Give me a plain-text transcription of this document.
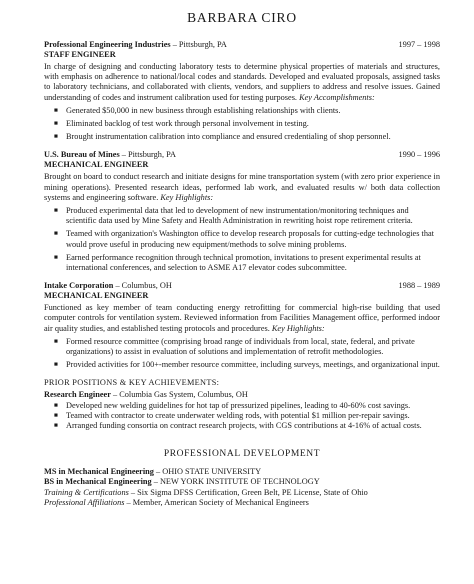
BARBARA CIRO
Professional Engineering Industries – Pittsburgh, PA	1997 – 1998
STAFF ENGINEER

In charge of designing and conducting laboratory tests to determine physical properties of materials and structures, with emphasis on adherence to national/local codes and standards. Developed and evaluated proposals, assigned tasks to laboratory technicians, and collaborated with clients, vendors, and suppliers to address and resolve issues. Gained understanding of codes and instrument calibration used for testing purposes. Key Accomplishments:

■ Generated $50,000 in new business through establishing relationships with clients.
■ Eliminated backlog of test work through personal involvement in testing.
■ Brought instrumentation calibration into compliance and ensured credentialing of shop personnel.
U.S. Bureau of Mines – Pittsburgh, PA	1990 – 1996
MECHANICAL ENGINEER

Brought on board to conduct research and initiate designs for mine transportation system (with zero prior experience in mining operations). Presented research ideas, performed lab work, and evaluated results w/ both data collection systems and engineering software. Key Highlights:

■ Produced experimental data that led to development of new instrumentation/monitoring techniques and scientific data used by Mine Safety and Health Administration in rewriting hoist rope retirement criteria.
■ Teamed with organization's Washington office to develop research proposals for cutting-edge technologies that would prove useful in producing new equipment/methods to solve mining problems.
■ Earned performance recognition through technical promotion, invitations to present experimental results at international conferences, and selection to ASME A17 elevator codes subcommittee.
Intake Corporation – Columbus, OH	1988 – 1989
MECHANICAL ENGINEER

Functioned as key member of team conducting energy retrofitting for commercial high-rise building that used computer controls for ventilation system. Reviewed information from Facilities Management office, performed indoor air quality studies, and established testing protocols and procedures. Key Highlights:

■ Formed resource committee (comprising broad range of individuals from local, state, federal, and private organizations) to assist in evaluation of solutions and implementation of retrofit methodologies.
■ Provided activities for 100+-member resource committee, including surveys, meetings, and organizational input.
PRIOR POSITIONS & KEY ACHIEVEMENTS:
Research Engineer – Columbia Gas System, Columbus, OH
■ Developed new welding guidelines for hot tap of pressurized pipelines, leading to 40-60% cost savings.
■ Teamed with contractor to create underwater welding rods, with potential $1 million per-repair savings.
■ Arranged funding consortia on contract research projects, with CGS contributions at 4-16% of actual costs.
PROFESSIONAL DEVELOPMENT
MS in Mechanical Engineering – OHIO STATE UNIVERSITY
BS in Mechanical Engineering – NEW YORK INSTITUTE OF TECHNOLOGY
Training & Certifications – Six Sigma DFSS Certification, Green Belt, PE License, State of Ohio
Professional Affiliations – Member, American Society of Mechanical Engineers
